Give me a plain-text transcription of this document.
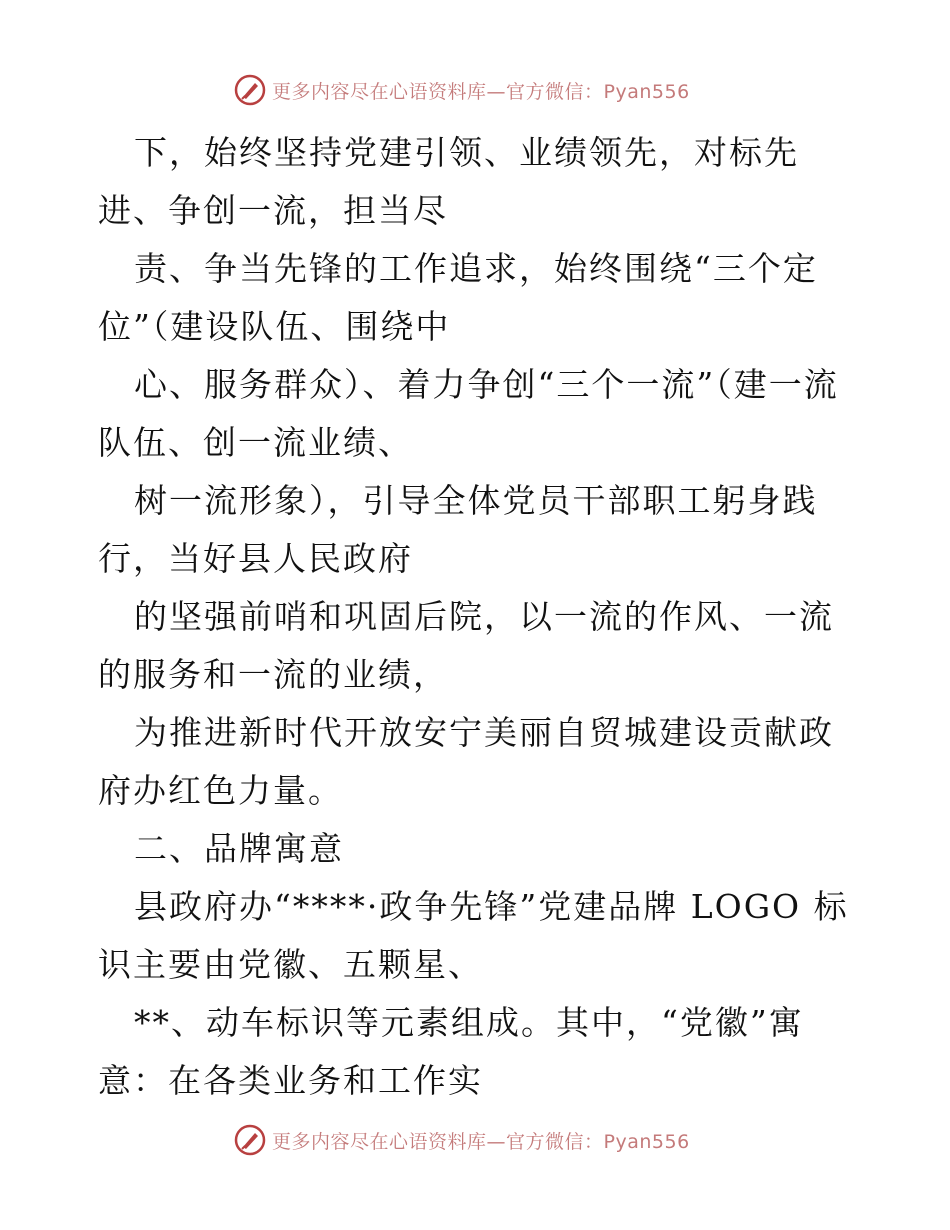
更多内容尽在心语资料库—官方微信：Pyan556

下，始终坚持党建引领、业绩领先，对标先进、争创一流，担当尽

责、争当先锋的工作追求，始终围绕“三个定位”（建设队伍、围绕中

心、服务群众）、着力争创“三个一流”（建一流队伍、创一流业绩、

树一流形象），引导全体党员干部职工躬身践行，当好县人民政府

的坚强前哨和巩固后院，以一流的作风、一流的服务和一流的业绩，

为推进新时代开放安宁美丽自贸城建设贡献政府办红色力量。

二、品牌寓意

县政府办“****·政争先锋”党建品牌 LOGO 标识主要由党徽、五颗星、

**、动车标识等元素组成。其中，“党徽”寓意：在各类业务和工作实

更多内容尽在心语资料库—官方微信：Pyan556
